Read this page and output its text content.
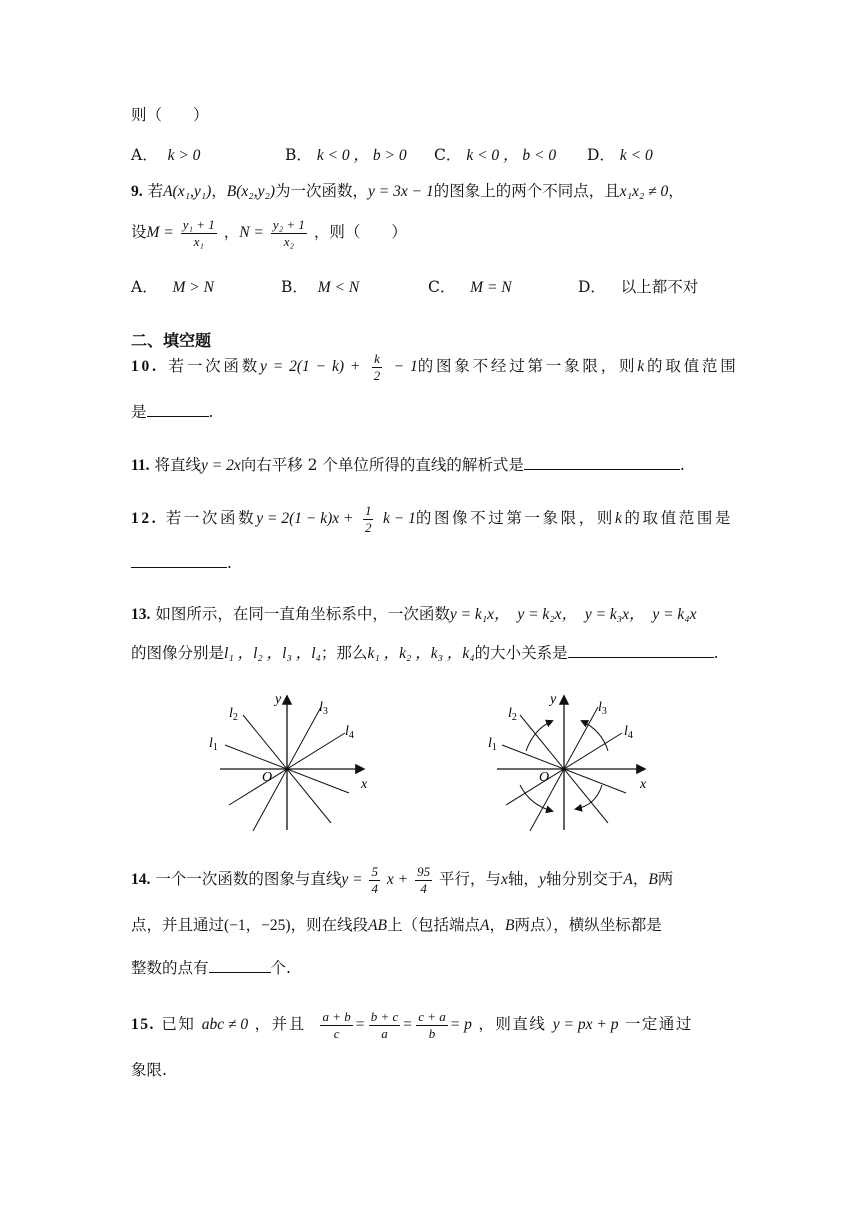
则（　　）
A． k > 0	B． k < 0 ， b > 0 C． k < 0 ， b < 0 D． k < 0
9. 若A(x₁,y₁)，B(x₂,y₂)为一次函数，y = 3x − 1的图象上的两个不同点，且x₁x₂ ≠ 0，
设$M = \frac{\text{y₁ + 1}}{\text{x₁}}$ ，$N = \frac{\text{y₂ + 1}}{\text{x₂}}$ ，则（　　）
A． M > N	B． M < N	C． M = N	D． 以上都不对
二、填空题
10. 若一次函数$y = 2(1 - k) + \frac{k}{2} - 1$的图象不经过第一象限，则k的取值范围
是	.
11. 将直线y = 2x向右平移 2 个单位所得的直线的解析式是	.
12. 若一次函数$y = 2(1 - k)x + \frac{1}{2}$ k − 1的图像不过第一象限，则k的取值范围是
.
13. 如图所示，在同一直角坐标系中，一次函数y = k₁x，　y = k₂x，　y = k₃x，　y = k₄x
的图像分别是l₁ ，l₂ ，l₃ ，l₄；那么k₁ ，k₂ ，k₃ ，k₄的大小关系是	.
y
x
O
$l_2$
$l_1$
$l_3$
$l_4$
y
x
O
$l_2$
$l_1$
$l_3$
$l_4$
14. 一个一次函数的图象与直线$y = \frac{5}{4}$ $x + \frac{95}{4}$ 平行，与x轴，y轴分别交于A，B两
点，并且通过(−1，−25)，则在线段AB上（包括端点A，B两点），横纵坐标都是
整数的点有	个.
15. 已知 abc ≠ 0 ，并且 $\frac{a + b}{c} = \frac{b + c}{a} = \frac{c + a}{b} = p$ ，则直线 y = px + p 一定通过
象限.
